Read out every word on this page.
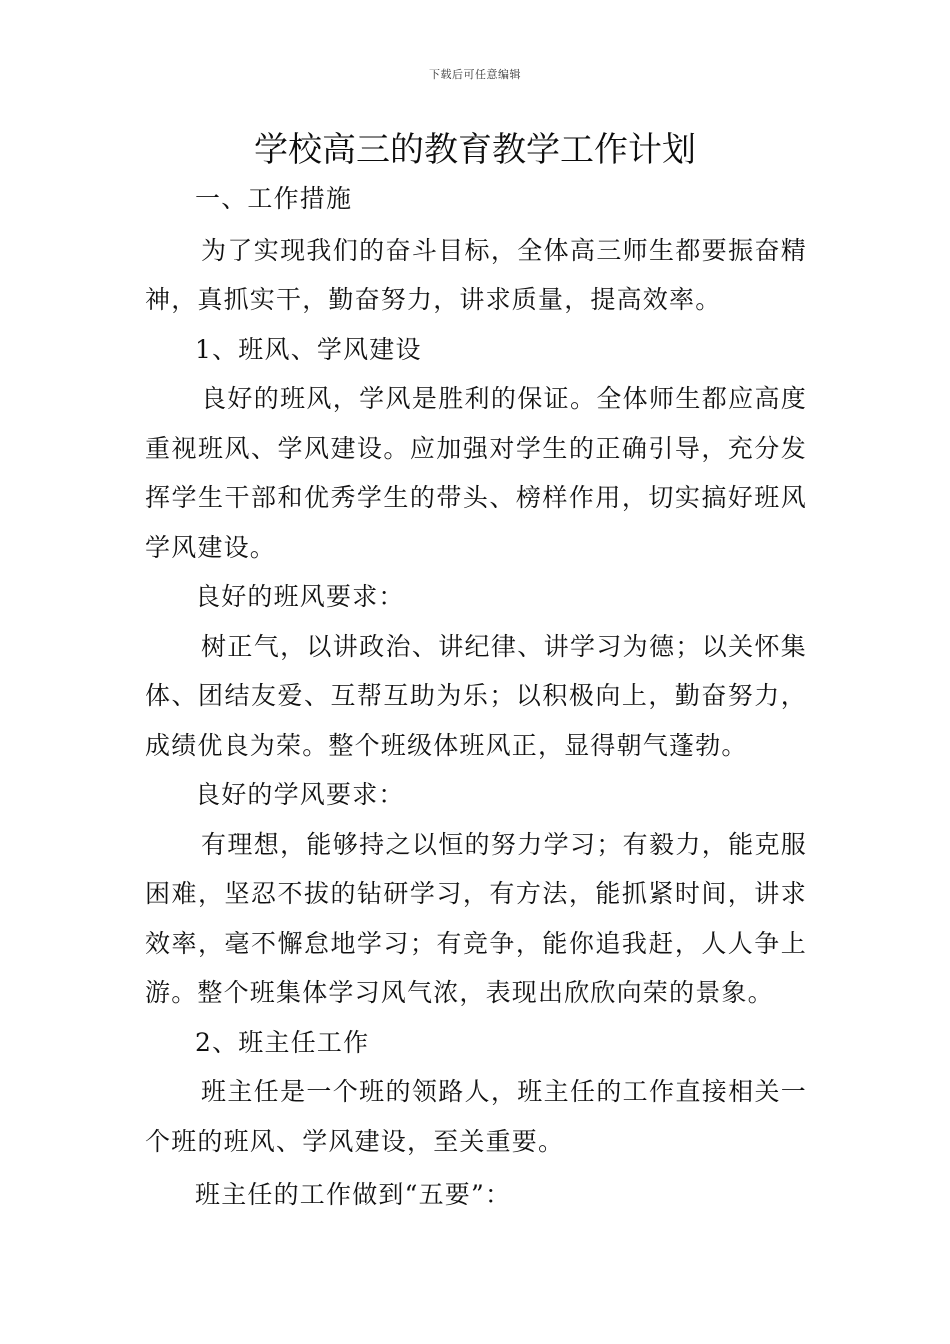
下载后可任意编辑
学校高三的教育教学工作计划

一、工作措施

为了实现我们的奋斗目标，全体高三师生都要振奋精神，真抓实干，勤奋努力，讲求质量，提高效率。

1、班风、学风建设

良好的班风，学风是胜利的保证。全体师生都应高度重视班风、学风建设。应加强对学生的正确引导，充分发挥学生干部和优秀学生的带头、榜样作用，切实搞好班风学风建设。

良好的班风要求：

树正气，以讲政治、讲纪律、讲学习为德；以关怀集体、团结友爱、互帮互助为乐；以积极向上，勤奋努力，成绩优良为荣。整个班级体班风正，显得朝气蓬勃。

良好的学风要求：

有理想，能够持之以恒的努力学习；有毅力，能克服困难，坚忍不拔的钻研学习，有方法，能抓紧时间，讲求效率，毫不懈怠地学习；有竞争，能你追我赶，人人争上游。整个班集体学习风气浓，表现出欣欣向荣的景象。

2、班主任工作

班主任是一个班的领路人，班主任的工作直接相关一个班的班风、学风建设，至关重要。

班主任的工作做到“五要”：
